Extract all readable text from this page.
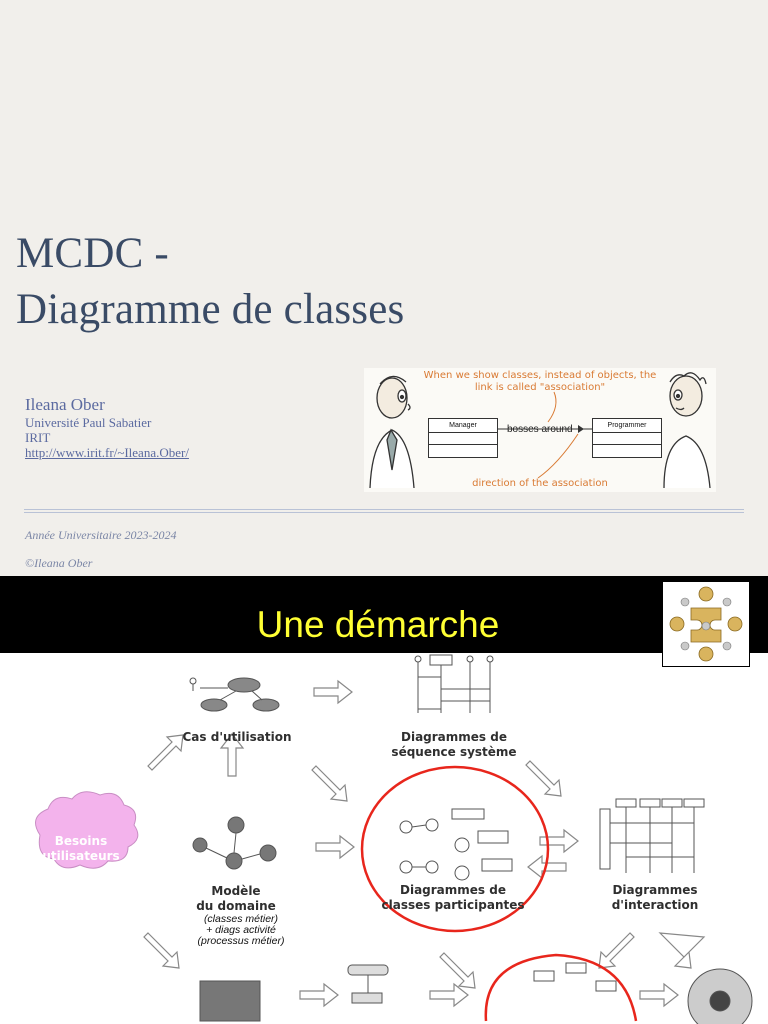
MCDC -
Diagramme de classes
Ileana Ober
Université Paul Sabatier
IRIT
http://www.irit.fr/~Ileana.Ober/
When we show classes, instead of objects, the link is called "association"
Manager	bosses around	Programmer
direction of the association
Année Universitaire 2023-2024
©Ileana Ober
Une démarche
Cas d'utilisation	Diagrammes de
séquence système
Besoins
utilisateurs
Modèle
du domaine
(classes métier)
+ diags activité
(processus métier)
Diagrammes de
classes participantes
Diagrammes
d'interaction
